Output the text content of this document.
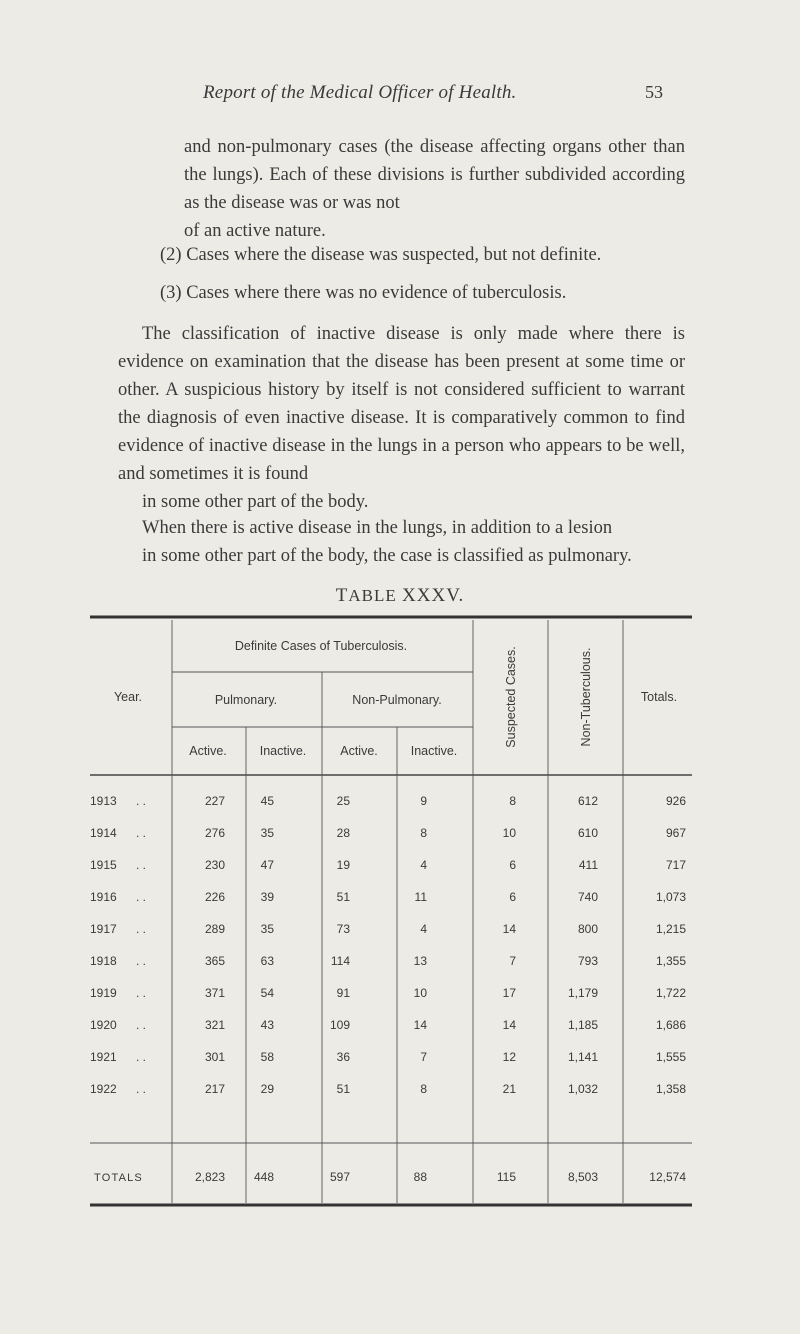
Report of the Medical Officer of Health.	53

and non-pulmonary cases (the disease affecting organs other than the lungs). Each of these divisions is further subdivided according as the disease was or was not
of an active nature.

(2) Cases where the disease was suspected, but not definite.

(3) Cases where there was no evidence of tuberculosis.

The classification of inactive disease is only made where there is evidence on examination that the disease has been present at some time or other. A suspicious history by itself is not considered sufficient to warrant the diagnosis of even inactive disease. It is comparatively common to find evidence of inactive disease in the lungs in a person who appears to be well, and sometimes it is found
in some other part of the body.

When there is active disease in the lungs, in addition to a lesion
in some other part of the body, the case is classified as pulmonary.

TABLE XXXV.
Year.
Definite Cases of Tuberculosis.
Pulmonary.	Non-Pulmonary.
Active.	Inactive.	Active.	Inactive.
Suspected Cases.	Non-Tuberculous.	Totals.
1913 . .	227	45	25	9	8	612	926
1914 . .	276	35	28	8	10	610	967
1915 . .	230	47	19	4	6	411	717
1916 . .	226	39	51	11	6	740	1,073
1917 . .	289	35	73	4	14	800	1,215
1918 . .	365	63	114	13	7	793	1,355
1919 . .	371	54	91	10	17	1,179	1,722
1920 . .	321	43	109	14	14	1,185	1,686
1921 . .	301	58	36	7	12	1,141	1,555
1922 . .	217	29	51	8	21	1,032	1,358
TOTALS	2,823 448	597	88	115	8,503	12,574
